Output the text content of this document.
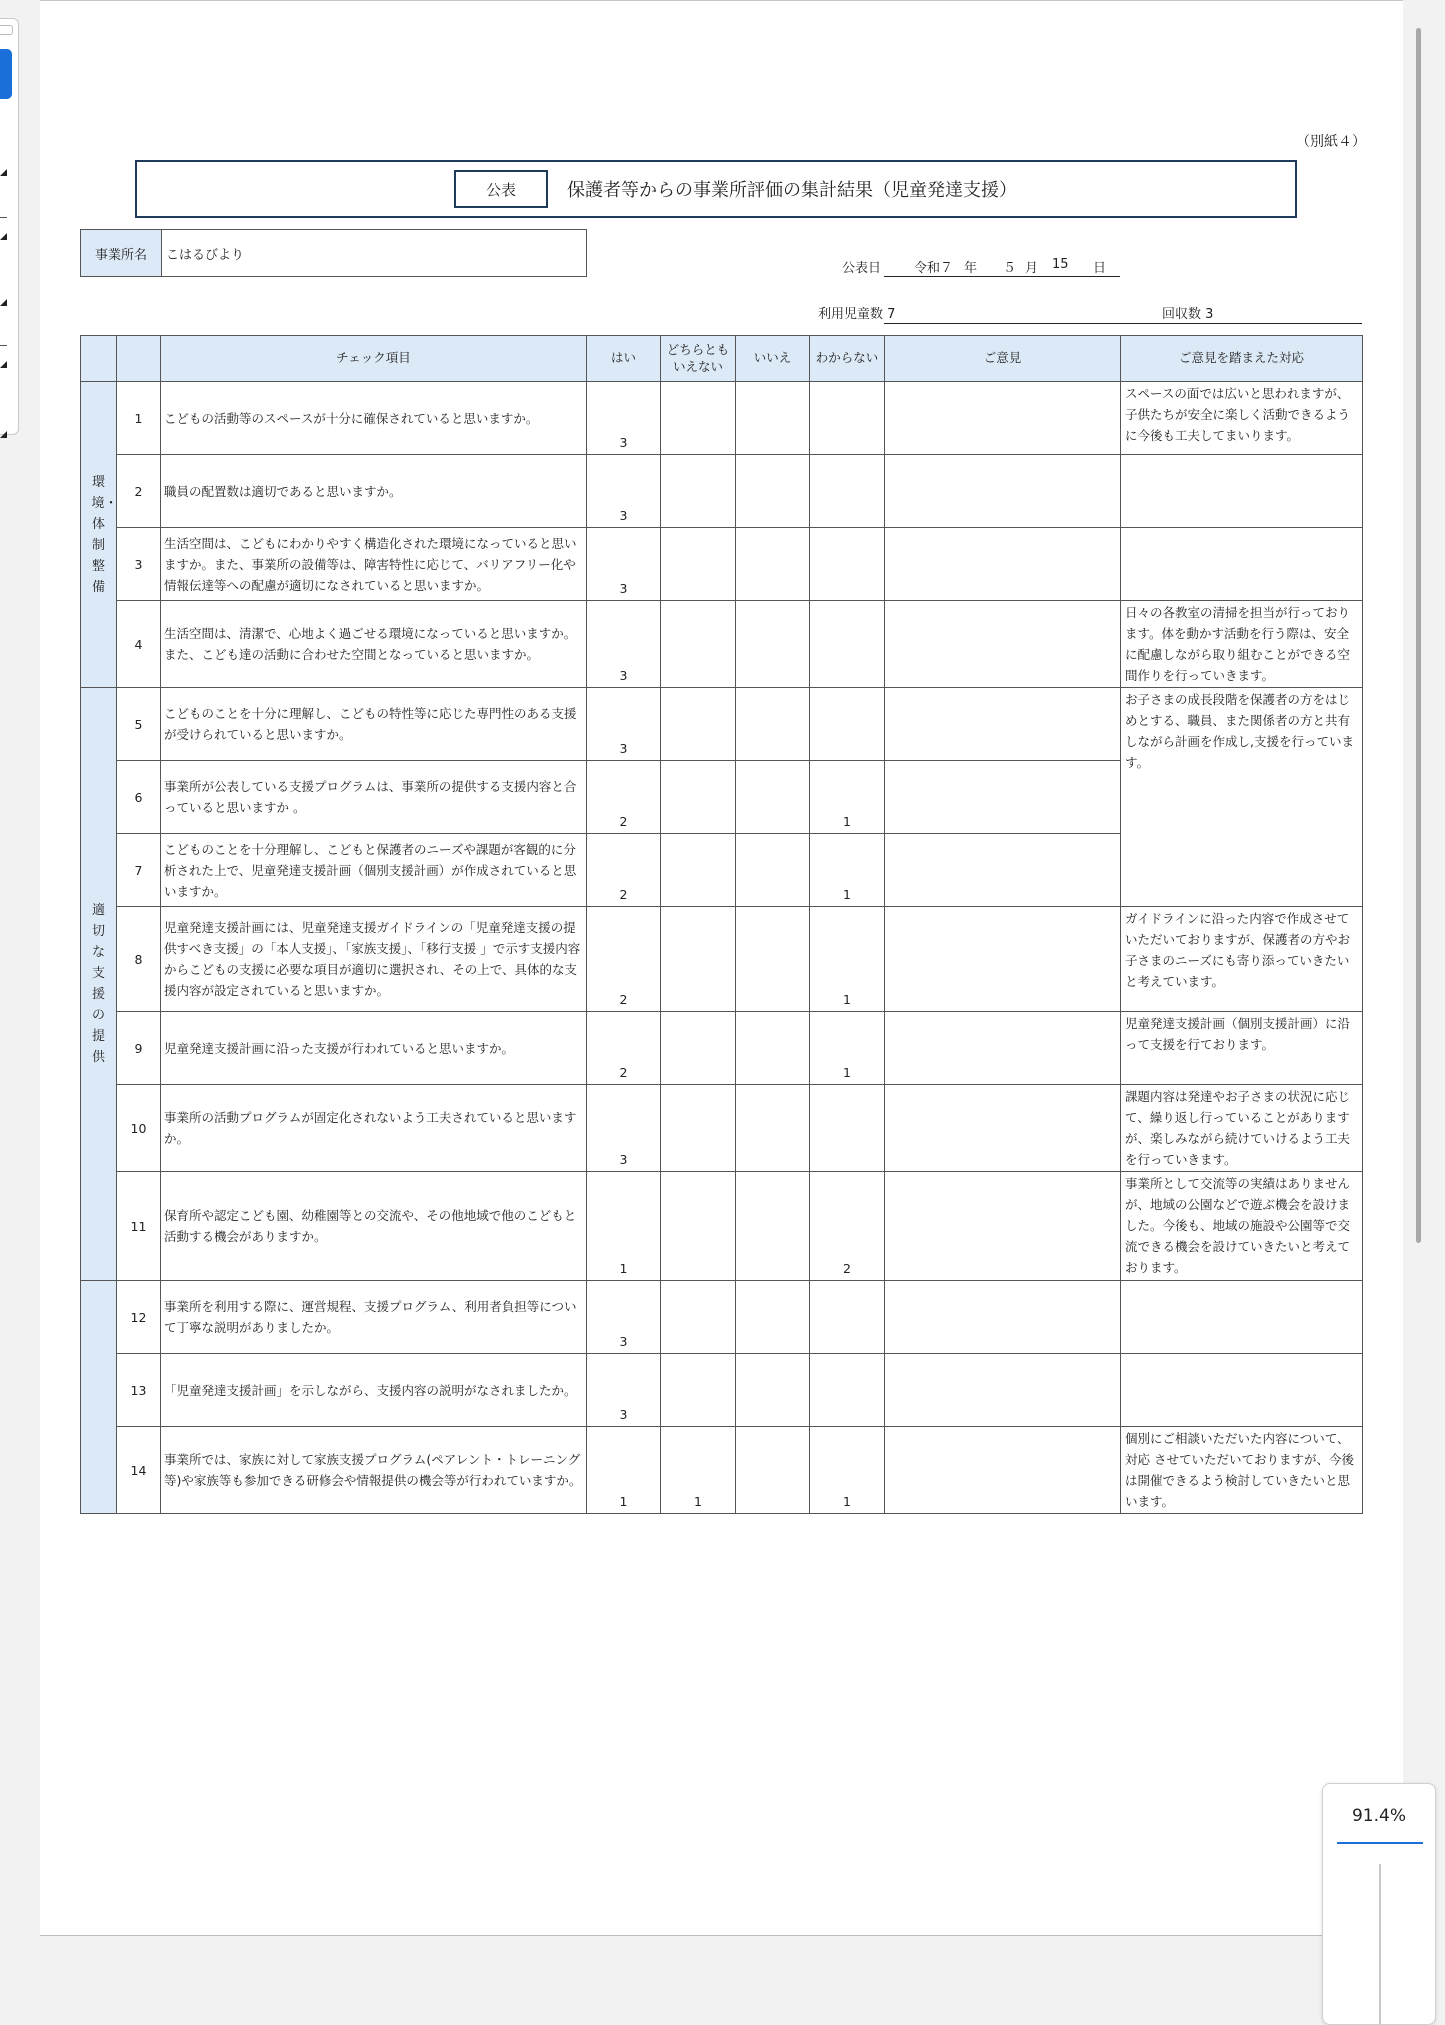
91.4%
（別紙４）
公表	保護者等からの事業所評価の集計結果（児童発達支援）
事業所名	こはるびより
公表日	令和７ 年 ５ 月 15 日
利用児童数 7	回収数 3
		チェック項目	はい	どちらとも
いえない	いいえ	わからない	ご意見	ご意見を踏まえた対応
環境・体制整備	1	こどもの活動等のスペースが十分に確保されていると思いますか。	3					スペースの面では広いと思われますが、子供たちが安全に楽しく活動できるように今後も工夫してまいります。
	2	職員の配置数は適切であると思いますか。	3					
	3	生活空間は、こどもにわかりやすく構造化された環境になっていると思いますか。また、事業所の設備等は、障害特性に応じて、バリアフリー化や情報伝達等への配慮が適切になされていると思いますか。	3					
	4	生活空間は、清潔で、心地よく過ごせる環境になっていると思いますか。また、こども達の活動に合わせた空間となっていると思いますか。	3					日々の各教室の清掃を担当が行っております。体を動かす活動を行う際は、安全に配慮しながら取り組むことができる空間作りを行っていきます。
適切な支援の提供	5	こどものことを十分に理解し、こどもの特性等に応じた専門性のある支援が受けられていると思いますか。	3					お子さまの成長段階を保護者の方をはじめとする、職員、また関係者の方と共有しながら計画を作成し,支援を行っています。
	6	事業所が公表している支援プログラムは、事業所の提供する支援内容と合っていると思いますか 。	2			1		
	7	こどものことを十分理解し、こどもと保護者のニーズや課題が客観的に分析された上で、児童発達支援計画（個別支援計画）が作成されていると思いますか。	2			1		
	8	児童発達支援計画には、児童発達支援ガイドラインの「児童発達支援の提供すべき支援」の「本人支援」、「家族支援」、「移行支援 」で示す支援内容からこどもの支援に必要な項目が適切に選択され、その上で、具体的な支援内容が設定されていると思いますか。	2			1		ガイドラインに沿った内容で作成させていただいておりますが、保護者の方やお子さまのニーズにも寄り添っていきたいと考えています。
	9	児童発達支援計画に沿った支援が行われていると思いますか。	2			1		児童発達支援計画（個別支援計画）に沿って支援を行ております。
	10	事業所の活動プログラムが固定化されないよう工夫されていると思いますか。	3					課題内容は発達やお子さまの状況に応じて、繰り返し行っていることがありますが、楽しみながら続けていけるよう工夫を行っていきます。
	11	保育所や認定こども園、幼稚園等との交流や、その他地域で他のこどもと活動する機会がありますか。	1			2		事業所として交流等の実績はありませんが、地域の公園などで遊ぶ機会を設けました。今後も、地域の施設や公園等で交流できる機会を設けていきたいと考えております。
	12	事業所を利用する際に、運営規程、支援プログラム、利用者負担等について丁寧な説明がありましたか。	3					
	13	「児童発達支援計画」を示しながら、支援内容の説明がなされましたか。	3					
	14	事業所では、家族に対して家族支援プログラム(ペアレント・トレーニング等)や家族等も参加できる研修会や情報提供の機会等が行われていますか。	1	1		1		個別にご相談いただいた内容について、対応 させていただいておりますが、今後は開催できるよう検討していきたいと思います。
